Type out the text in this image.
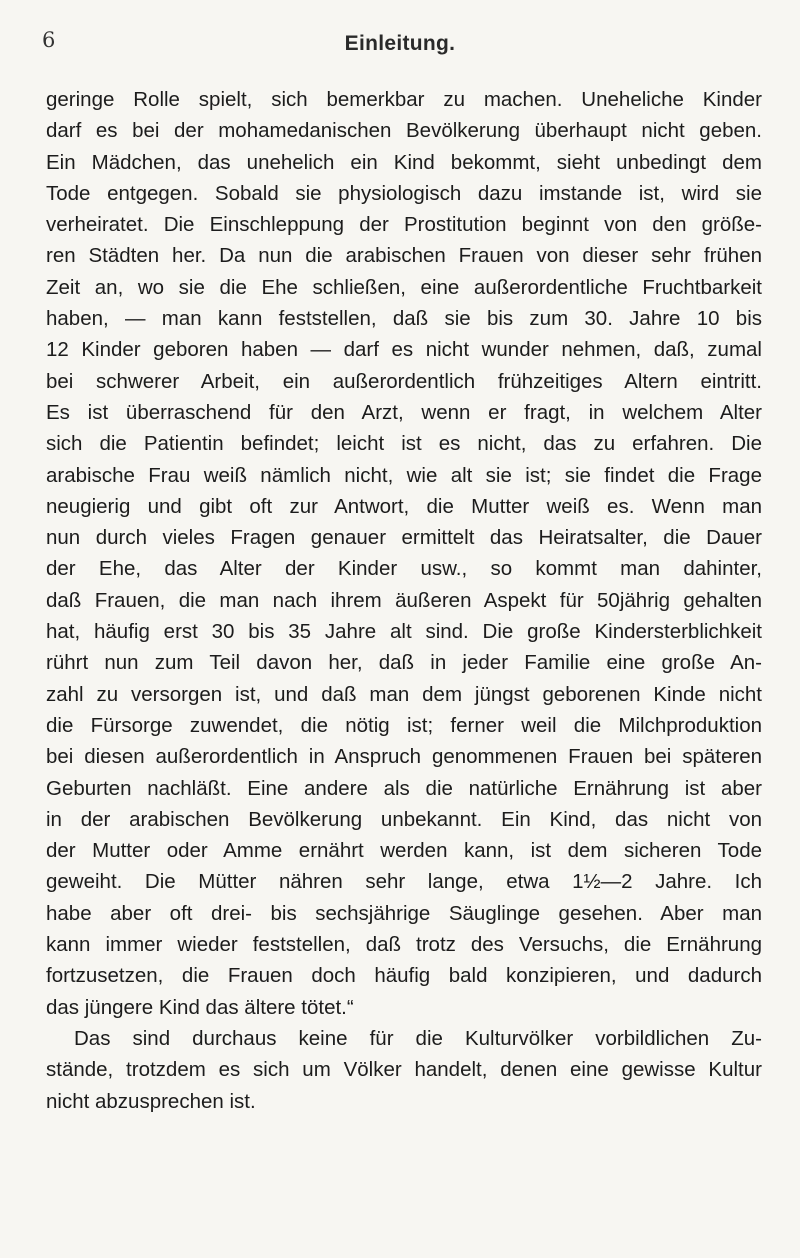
6	Einleitung.
geringe Rolle spielt, sich bemerkbar zu machen. Uneheliche Kinder
darf es bei der mohamedanischen Bevölkerung überhaupt nicht geben.
Ein Mädchen, das unehelich ein Kind bekommt, sieht unbedingt dem
Tode entgegen. Sobald sie physiologisch dazu imstande ist, wird sie
verheiratet. Die Einschleppung der Prostitution beginnt von den größe-
ren Städten her. Da nun die arabischen Frauen von dieser sehr frühen
Zeit an, wo sie die Ehe schließen, eine außerordentliche Fruchtbarkeit
haben, — man kann feststellen, daß sie bis zum 30. Jahre 10 bis
12 Kinder geboren haben — darf es nicht wunder nehmen, daß, zumal
bei schwerer Arbeit, ein außerordentlich frühzeitiges Altern eintritt.
Es ist überraschend für den Arzt, wenn er fragt, in welchem Alter
sich die Patientin befindet; leicht ist es nicht, das zu erfahren. Die
arabische Frau weiß nämlich nicht, wie alt sie ist; sie findet die Frage
neugierig und gibt oft zur Antwort, die Mutter weiß es. Wenn man
nun durch vieles Fragen genauer ermittelt das Heiratsalter, die Dauer
der Ehe, das Alter der Kinder usw., so kommt man dahinter,
daß Frauen, die man nach ihrem äußeren Aspekt für 50jährig gehalten
hat, häufig erst 30 bis 35 Jahre alt sind. Die große Kindersterblichkeit
rührt nun zum Teil davon her, daß in jeder Familie eine große An-
zahl zu versorgen ist, und daß man dem jüngst geborenen Kinde nicht
die Fürsorge zuwendet, die nötig ist; ferner weil die Milchproduktion
bei diesen außerordentlich in Anspruch genommenen Frauen bei späteren
Geburten nachläßt. Eine andere als die natürliche Ernährung ist aber
in der arabischen Bevölkerung unbekannt. Ein Kind, das nicht von
der Mutter oder Amme ernährt werden kann, ist dem sicheren Tode
geweiht. Die Mütter nähren sehr lange, etwa 1½—2 Jahre. Ich
habe aber oft drei- bis sechsjährige Säuglinge gesehen. Aber man
kann immer wieder feststellen, daß trotz des Versuchs, die Ernährung
fortzusetzen, die Frauen doch häufig bald konzipieren, und dadurch
das jüngere Kind das ältere tötet.“
Das sind durchaus keine für die Kulturvölker vorbildlichen Zu-
stände, trotzdem es sich um Völker handelt, denen eine gewisse Kultur
nicht abzusprechen ist.
